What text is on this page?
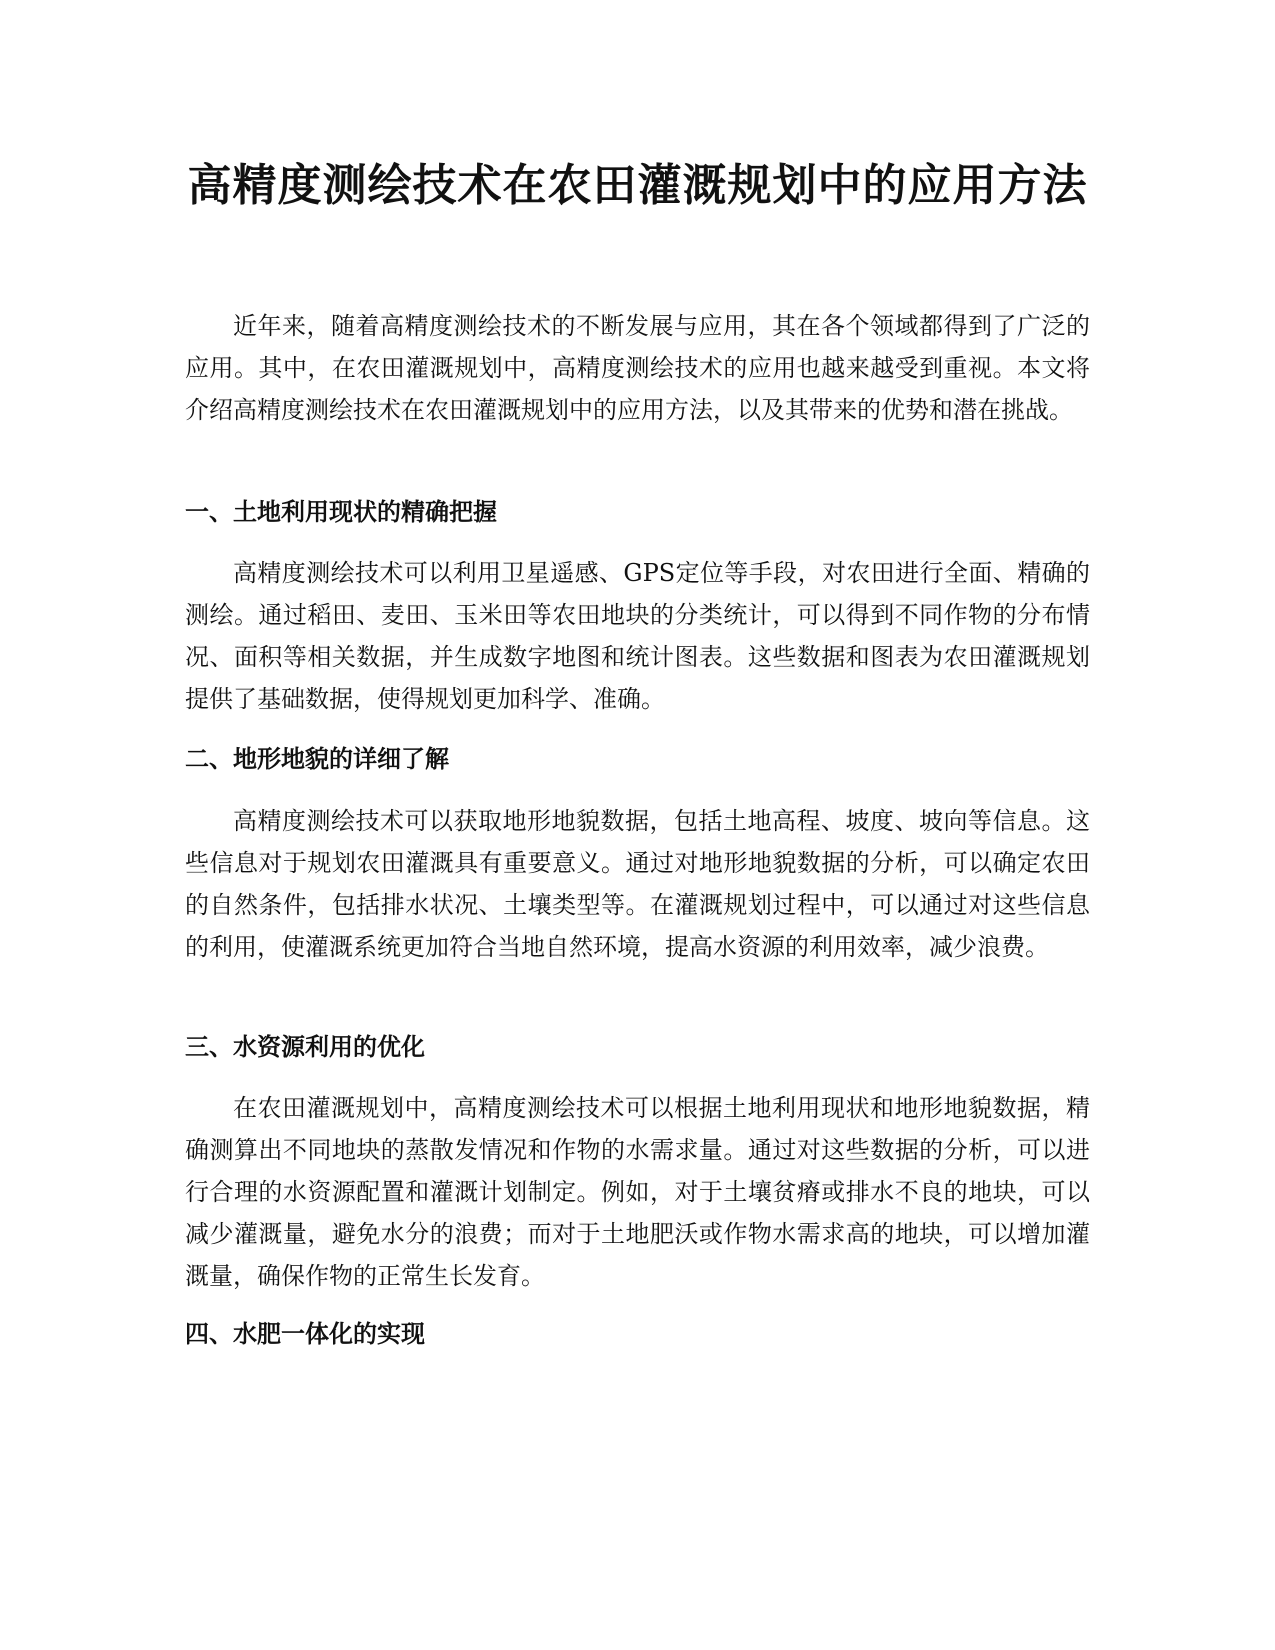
高精度测绘技术在农田灌溉规划中的应用方法

近年来，随着高精度测绘技术的不断发展与应用，其在各个领域都得到了广泛的应用。其中，在农田灌溉规划中，高精度测绘技术的应用也越来越受到重视。本文将介绍高精度测绘技术在农田灌溉规划中的应用方法，以及其带来的优势和潜在挑战。

一、土地利用现状的精确把握

高精度测绘技术可以利用卫星遥感、GPS定位等手段，对农田进行全面、精确的测绘。通过稻田、麦田、玉米田等农田地块的分类统计，可以得到不同作物的分布情况、面积等相关数据，并生成数字地图和统计图表。这些数据和图表为农田灌溉规划提供了基础数据，使得规划更加科学、准确。

二、地形地貌的详细了解

高精度测绘技术可以获取地形地貌数据，包括土地高程、坡度、坡向等信息。这些信息对于规划农田灌溉具有重要意义。通过对地形地貌数据的分析，可以确定农田的自然条件，包括排水状况、土壤类型等。在灌溉规划过程中，可以通过对这些信息的利用，使灌溉系统更加符合当地自然环境，提高水资源的利用效率，减少浪费。

三、水资源利用的优化

在农田灌溉规划中，高精度测绘技术可以根据土地利用现状和地形地貌数据，精确测算出不同地块的蒸散发情况和作物的水需求量。通过对这些数据的分析，可以进行合理的水资源配置和灌溉计划制定。例如，对于土壤贫瘠或排水不良的地块，可以减少灌溉量，避免水分的浪费；而对于土地肥沃或作物水需求高的地块，可以增加灌溉量，确保作物的正常生长发育。

四、水肥一体化的实现
